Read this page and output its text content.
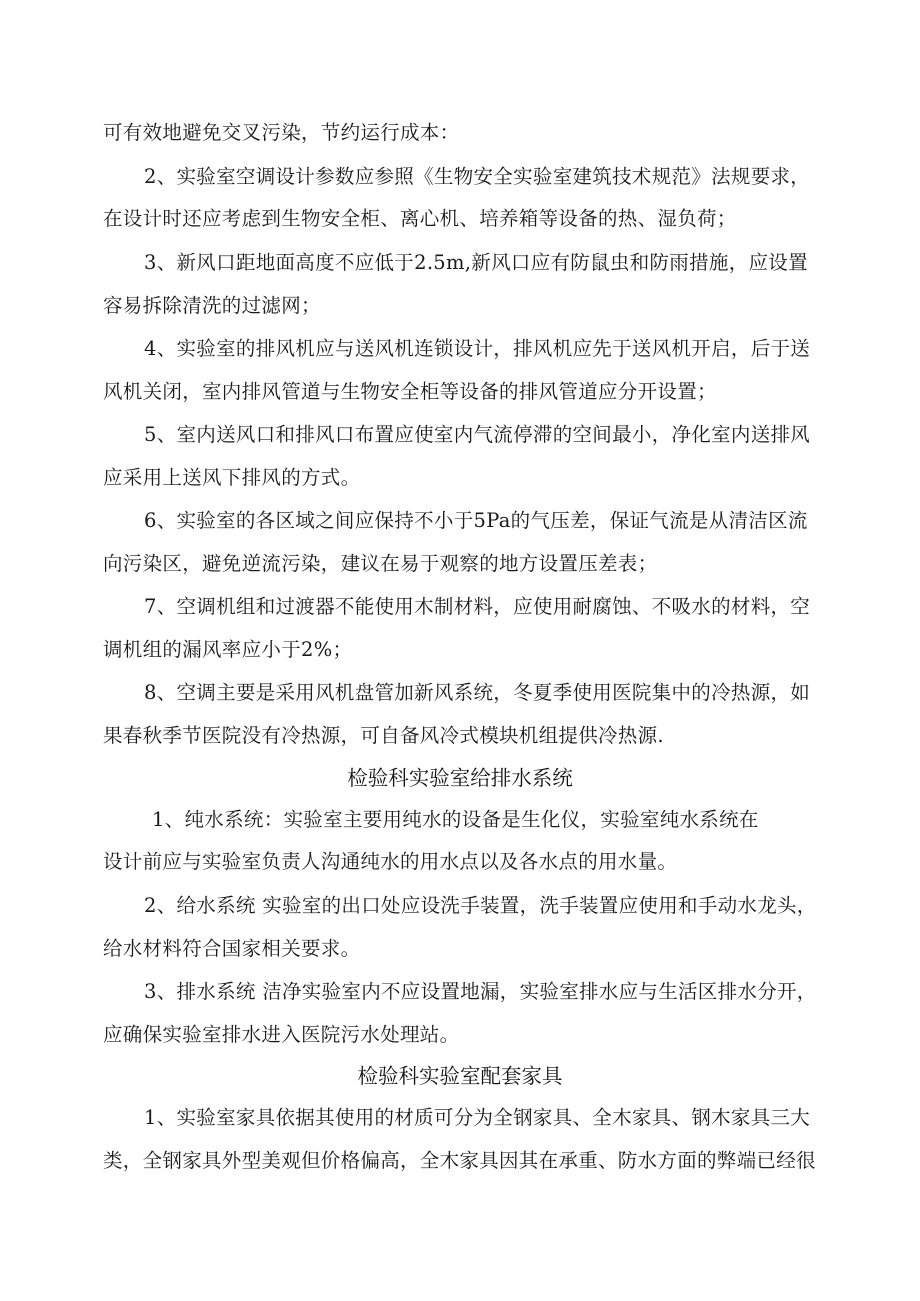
可有效地避免交叉污染，节约运行成本：
2、实验室空调设计参数应参照《生物安全实验室建筑技术规范》法规要求，
在设计时还应考虑到生物安全柜、离心机、培养箱等设备的热、湿负荷；
3、新风口距地面高度不应低于2.5m,新风口应有防鼠虫和防雨措施，应设置
容易拆除清洗的过滤网；
4、实验室的排风机应与送风机连锁设计，排风机应先于送风机开启，后于送
风机关闭，室内排风管道与生物安全柜等设备的排风管道应分开设置；
5、室内送风口和排风口布置应使室内气流停滞的空间最小，净化室内送排风
应采用上送风下排风的方式。
6、实验室的各区域之间应保持不小于5Pa的气压差，保证气流是从清洁区流
向污染区，避免逆流污染，建议在易于观察的地方设置压差表；
7、空调机组和过渡器不能使用木制材料，应使用耐腐蚀、不吸水的材料，空
调机组的漏风率应小于2%；
8、空调主要是采用风机盘管加新风系统，冬夏季使用医院集中的冷热源，如
果春秋季节医院没有冷热源，可自备风冷式模块机组提供冷热源.
检验科实验室给排水系统
1、纯水系统：实验室主要用纯水的设备是生化仪，实验室纯水系统在
设计前应与实验室负责人沟通纯水的用水点以及各水点的用水量。
2、给水系统 实验室的出口处应设洗手装置，洗手装置应使用和手动水龙头，
给水材料符合国家相关要求。
3、排水系统 洁净实验室内不应设置地漏，实验室排水应与生活区排水分开，
应确保实验室排水进入医院污水处理站。
检验科实验室配套家具
1、实验室家具依据其使用的材质可分为全钢家具、全木家具、钢木家具三大
类，全钢家具外型美观但价格偏高，全木家具因其在承重、防水方面的弊端已经很
